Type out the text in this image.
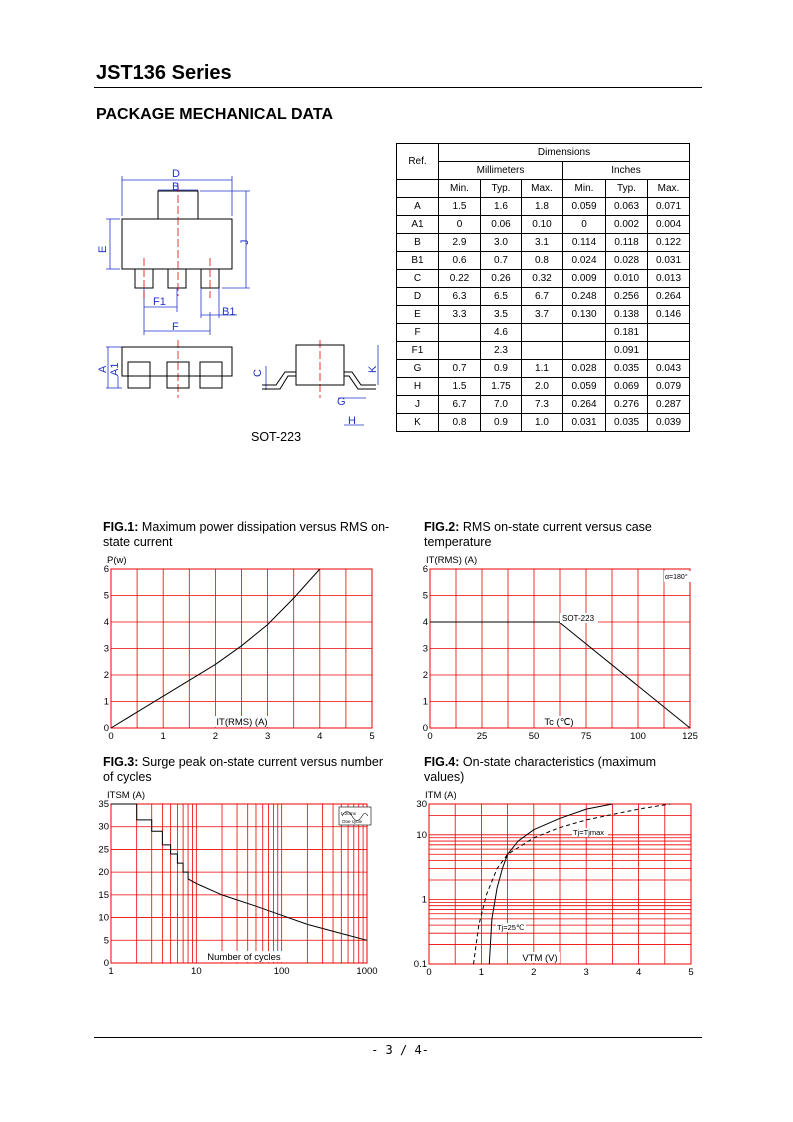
JST136 Series
PACKAGE MECHANICAL DATA
D
B
E
J
F1
B1
F
A A1	C	K
G
H
SOT-223
Ref.	Dimensions					
	Millimeters			Inches		
	Min.	Typ.	Max.	Min.	Typ.	Max.
A	1.5	1.6	1.8	0.059	0.063	0.071
A1	0	0.06	0.10	0	0.002	0.004
B	2.9	3.0	3.1	0.114	0.118	0.122
B1	0.6	0.7	0.8	0.024	0.028	0.031
C	0.22	0.26	0.32	0.009	0.010	0.013
D	6.3	6.5	6.7	0.248	0.256	0.264
E	3.3	3.5	3.7	0.130	0.138	0.146
F		4.6			0.181	
F1		2.3			0.091	
G	0.7	0.9	1.1	0.028	0.035	0.043
H	1.5	1.75	2.0	0.059	0.069	0.079
J	6.7	7.0	7.3	0.264	0.276	0.287
K	0.8	0.9	1.0	0.031	0.035	0.039
FIG.1: Maximum power dissipation versus RMS on-state current
FIG.2: RMS on-state current versus case temperature
FIG.3: Surge peak on-state current versus number of cycles
FIG.4: On-state characteristics (maximum values)
0	1	2	3	4	5
0
1
2
3
4
5
6
P(w)
IT(RMS) (A)
0	25	50	75	100	125
0
1
2
3
4
5
6
IT(RMS) (A)
Tc (℃)
α=180°
SOT-223
1	10	100	1000
0
5
10
15
20
25
30
35
ITSM (A)
Number of cycles
t=20ms
One cycle
0	1	2	3	4	5
0.1
1
10
30
ITM (A)
VTM (V)
Tj=Tjmax
Tj=25℃
- 3 / 4-
